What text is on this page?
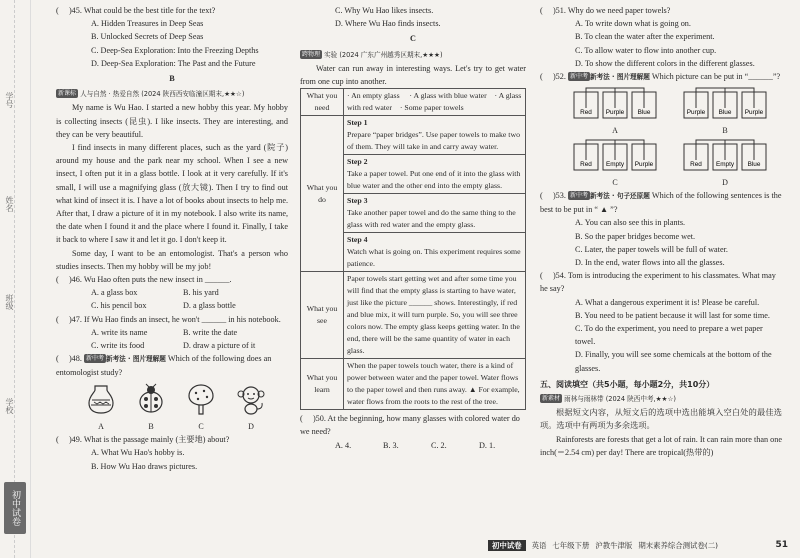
学号
姓名
班级
学校
初中试卷

(　 )45. What could be the best title for the text?

A. Hidden Treasures in Deep Seas

B. Unlocked Secrets of Deep Seas

C. Deep-Sea Exploration: Into the Freezing Depths

D. Deep-Sea Exploration: The Past and the Future

B

新课标 人与自然 · 热爱自然 (2024 陕西西安临潼区期末,★★☆)

My name is Wu Hao. I started a new hobby this year. My hobby is collecting insects (昆虫). I like insects. They are interesting, and they can be very beautiful.

I find insects in many different places, such as the yard (院子) around my house and the park near my school. When I see a new insect, I often put it in a glass bottle. I look at it very carefully. If it's small, I will use a magnifying glass (放大镜). Then I try to find out what kind of insect it is. I have a lot of books about insects to help me. After that, I draw a picture of it in my notebook. I also write its name, the date when I found it and the place where I found it. Finally, I take it back to where I saw it and let it go. I don't keep it.

Some day, I want to be an entomologist. That's a person who studies insects. Then my hobby will be my job!

(　 )46. Wu Hao often puts the new insect in ______.

A. a glass box	B. his yard
C. his pencil box	D. a glass bottle

(　 )47. If Wu Hao finds an insect, he won't ______ in his notebook.

A. write its name	B. write the date
C. write its food	D. draw a picture of it

(　 )48. 新中考 新考法 · 图片理解题 Which of the following does an entomologist study?

A	B	C	D

(　 )49. What is the passage mainly (主要地) about?

A. What Wu Hao's hobby is.

B. How Wu Hao draws pictures.

C. Why Wu Hao likes insects.

D. Where Wu Hao finds insects.

C

跨物理 实验 (2024 广东广州越秀区期末,★★★)

Water can run away in interesting ways. Let's try to get water from one cup into another.

What you need	· An empty glass　 · A glass with blue water　· A glass with red water　· Some paper towels
What you do	Step 1
Prepare “paper bridges”. Use paper towels to make two of them. They will take in and carry away water.
	Step 2
Take a paper towel. Put one end of it into the glass with blue water and the other end into the empty glass.
	Step 3
Take another paper towel and do the same thing to the glass with red water and the empty glass.
	Step 4
Watch what is going on. This experiment requires some patience.
What you see	Paper towels start getting wet and after some time you will find that the empty glass is starting to have water, just like the picture ______ shows. Interestingly, if red and blue mix, it will turn purple. So, you will see three colors now. The empty glass keeps getting water. In the end, there will be the same quantity of water in each glass.
What you learn	When the paper towels touch water, there is a kind of power between water and the paper towel. Water flows to the paper towel and then runs away. ▲ For example, water flows from the roots to the rest of the tree.

(　 )50. At the beginning, how many glasses with colored water do we need?

A. 4.	B. 3.	C. 2.	D. 1.

(　 )51. Why do we need paper towels?

A. To write down what is going on.

B. To clean the water after the experiment.

C. To allow water to flow into another cup.

D. To show the different colors in the different glasses.

(　 )52. 新中考 新考法 · 图片理解题 Which picture can be put in “______”?

Red Purple Blue
A
Purple Blue Purple
B
Red Empty Purple
C
Red Empty Blue
D

(　 )53. 新中考 新考法 · 句子还原题 Which of the following sentences is the best to be put in “ ▲ ”?

A. You can also see this in plants.

B. So the paper bridges become wet.

C. Later, the paper towels will be full of water.

D. In the end, water flows into all the glasses.

(　 )54. Tom is introducing the experiment to his classmates. What may he say?

A. What a dangerous experiment it is! Please be careful.

B. You need to be patient because it will last for some time.

C. To do the experiment, you need to prepare a wet paper towel.

D. Finally, you will see some chemicals at the bottom of the glasses.

五、阅读填空（共5小题，每小题2分，共10分）

新素材 雨林与雨林带 (2024 陕西中考,★★☆)

根据短文内容，从短文后的选项中选出能填入空白处的最佳选项。选项中有两项为多余选项。

Rainforests are forests that get a lot of rain. It can rain more than one inch(＝2.54 cm) per day! There are tropical(热带的)

初中试卷	英语 七年级下册 沪教牛津版 期末素养综合测试卷(二)	51
